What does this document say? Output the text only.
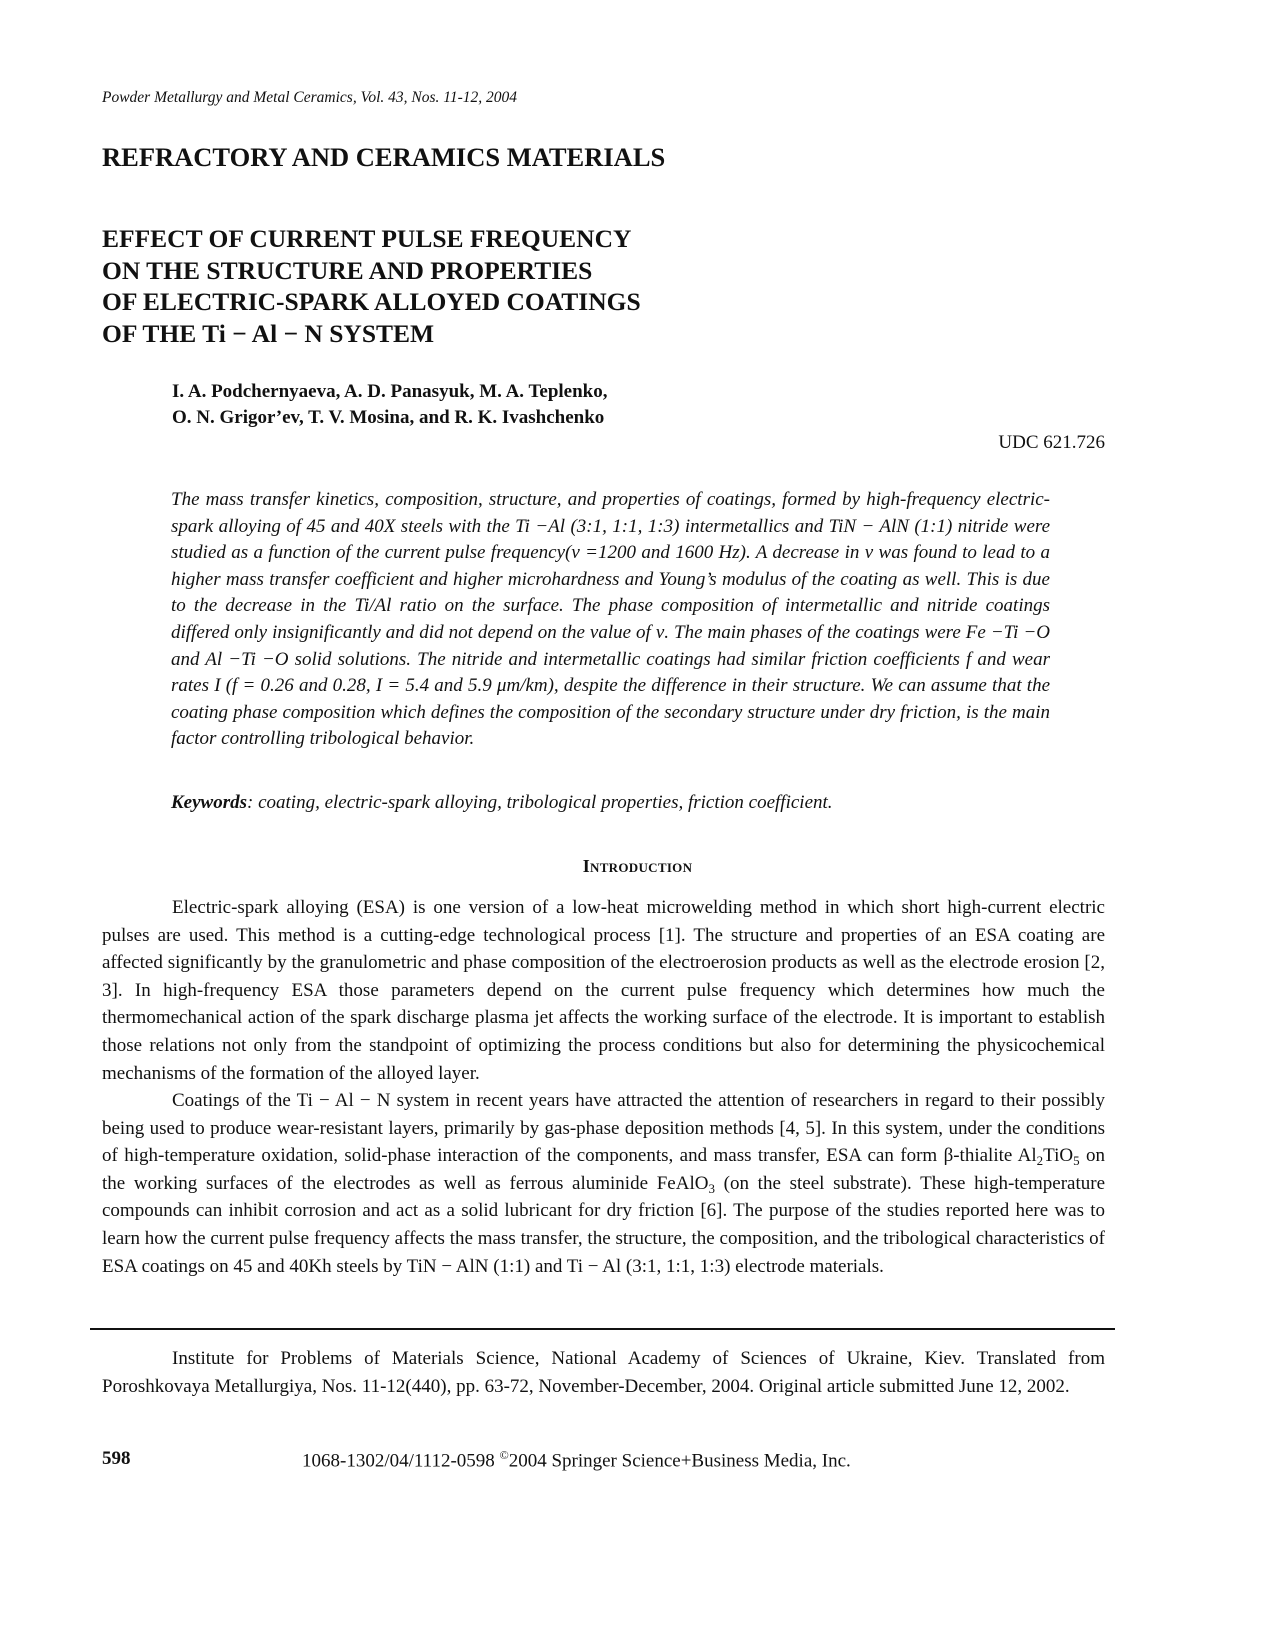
Powder Metallurgy and Metal Ceramics, Vol. 43, Nos. 11-12, 2004
REFRACTORY AND CERAMICS MATERIALS
EFFECT OF CURRENT PULSE FREQUENCY
ON THE STRUCTURE AND PROPERTIES
OF ELECTRIC-SPARK ALLOYED COATINGS
OF THE Ti − Al − N SYSTEM
I. A. Podchernyaeva, A. D. Panasyuk, M. A. Teplenko,
O. N. Grigor’ev, T. V. Mosina, and R. K. Ivashchenko
UDC 621.726

The mass transfer kinetics, composition, structure, and properties of coatings, formed by high-frequency electric-spark alloying of 45 and 40X steels with the Ti −Al (3:1, 1:1, 1:3) intermetallics and TiN − AlN (1:1) nitride were studied as a function of the current pulse frequency(ν =1200 and 1600 Hz). A decrease in ν was found to lead to a higher mass transfer coefficient and higher microhardness and Young’s modulus of the coating as well. This is due to the decrease in the Ti/Al ratio on the surface. The phase composition of intermetallic and nitride coatings differed only insignificantly and did not depend on the value of ν. The main phases of the coatings were Fe −Ti −O and Al −Ti −O solid solutions. The nitride and intermetallic coatings had similar friction coefficients f and wear rates I (f = 0.26 and 0.28, I = 5.4 and 5.9 μm/km), despite the difference in their structure. We can assume that the coating phase composition which defines the composition of the secondary structure under dry friction, is the main factor controlling tribological behavior.

Keywords: coating, electric-spark alloying, tribological properties, friction coefficient.
Introduction

Electric-spark alloying (ESA) is one version of a low-heat microwelding method in which short high-current electric pulses are used. This method is a cutting-edge technological process [1]. The structure and properties of an ESA coating are affected significantly by the granulometric and phase composition of the electroerosion products as well as the electrode erosion [2, 3]. In high-frequency ESA those parameters depend on the current pulse frequency which determines how much the thermomechanical action of the spark discharge plasma jet affects the working surface of the electrode. It is important to establish those relations not only from the standpoint of optimizing the process conditions but also for determining the physicochemical mechanisms of the formation of the alloyed layer.

Coatings of the Ti − Al − N system in recent years have attracted the attention of researchers in regard to their possibly being used to produce wear-resistant layers, primarily by gas-phase deposition methods [4, 5]. In this system, under the conditions of high-temperature oxidation, solid-phase interaction of the components, and mass transfer, ESA can form β-thialite $Al_2TiO_5$ on the working surfaces of the electrodes as well as ferrous aluminide FeAlO$_3$ (on the steel substrate). These high-temperature compounds can inhibit corrosion and act as a solid lubricant for dry friction [6]. The purpose of the studies reported here was to learn how the current pulse frequency affects the mass transfer, the structure, the composition, and the tribological characteristics of ESA coatings on 45 and 40Kh steels by TiN − AlN (1:1) and Ti − Al (3:1, 1:1, 1:3) electrode materials.

Institute for Problems of Materials Science, National Academy of Sciences of Ukraine, Kiev. Translated from Poroshkovaya Metallurgiya, Nos. 11-12(440), pp. 63-72, November-December, 2004. Original article submitted June 12, 2002.

598	1068-1302/04/1112-0598 ©2004 Springer Science+Business Media, Inc.
